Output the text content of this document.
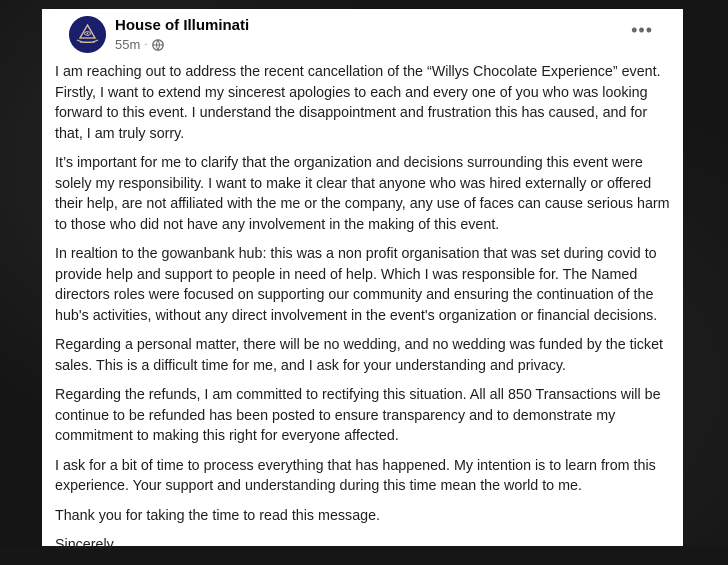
House of Illuminati
55m ·
•••

I am reaching out to address the recent cancellation of the “Willys Chocolate Experience” event. Firstly, I want to extend my sincerest apologies to each and every one of you who was looking forward to this event. I understand the disappointment and frustration this has caused, and for that, I am truly sorry.

It’s important for me to clarify that the organization and decisions surrounding this event were solely my responsibility. I want to make it clear that anyone who was hired externally or offered their help, are not affiliated with the me or the company, any use of faces can cause serious harm to those who did not have any involvement in the making of this event.

In realtion to the gowanbank hub: this was a non profit organisation that was set during covid to provide help and support to people in need of help. Which I was responsible for. The Named directors roles were focused on supporting our community and ensuring the continuation of the hub's activities, without any direct involvement in the event's organization or financial decisions.

Regarding a personal matter, there will be no wedding, and no wedding was funded by the ticket sales. This is a difficult time for me, and I ask for your understanding and privacy.

Regarding the refunds, I am committed to rectifying this situation. All all 850 Transactions will be continue to be refunded has been posted to ensure transparency and to demonstrate my commitment to making this right for everyone affected.

I ask for a bit of time to process everything that has happened. My intention is to learn from this experience. Your support and understanding during this time mean the world to me.

Thank you for taking the time to read this message.

Sincerely
